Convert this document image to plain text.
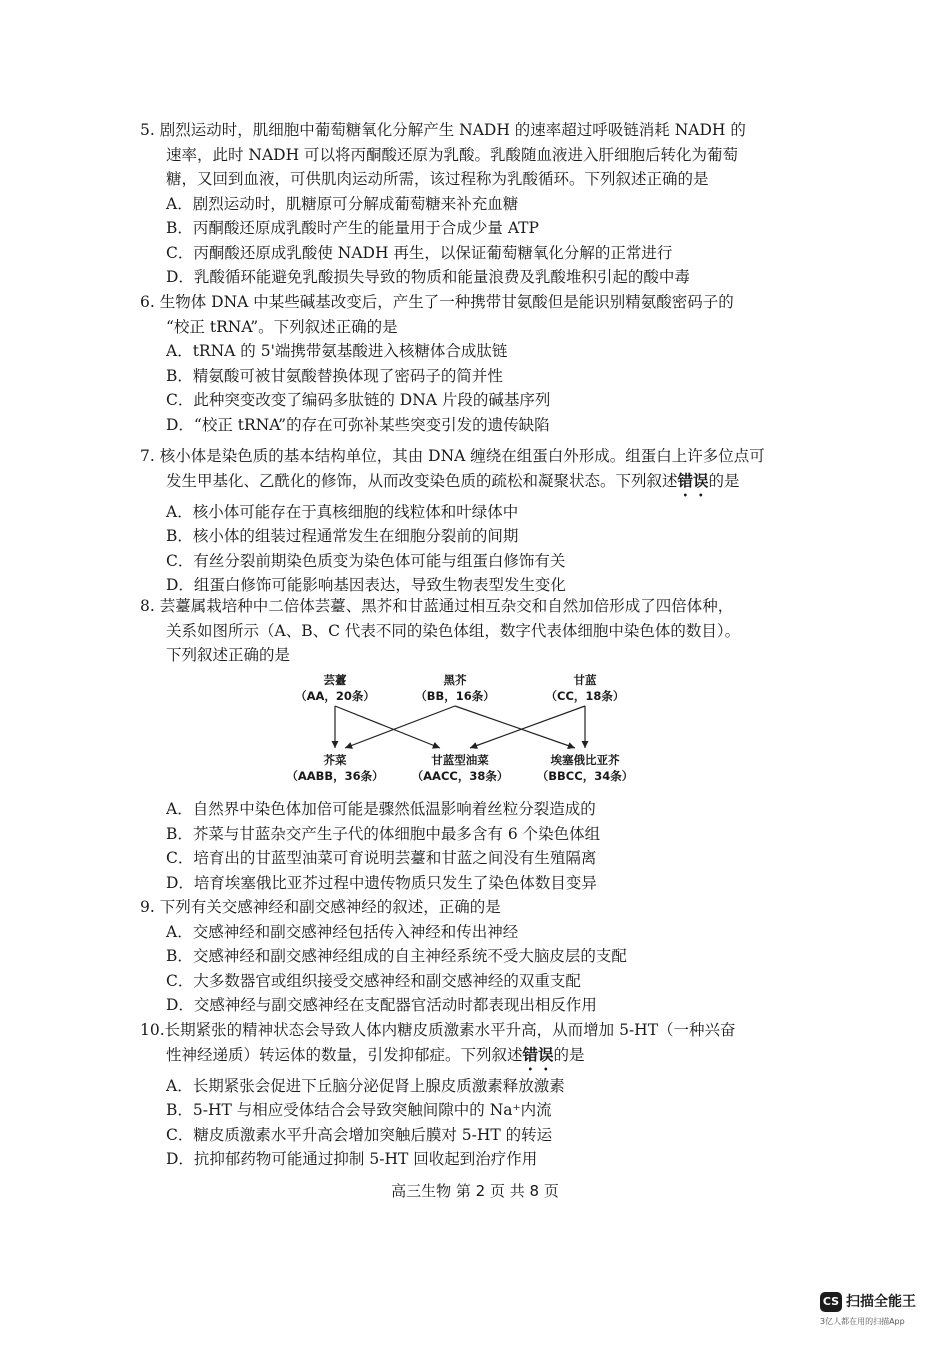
5. 剧烈运动时，肌细胞中葡萄糖氧化分解产生 NADH 的速率超过呼吸链消耗 NADH 的
速率，此时 NADH 可以将丙酮酸还原为乳酸。乳酸随血液进入肝细胞后转化为葡萄
糖，又回到血液，可供肌肉运动所需，该过程称为乳酸循环。下列叙述正确的是
A．剧烈运动时，肌糖原可分解成葡萄糖来补充血糖
B．丙酮酸还原成乳酸时产生的能量用于合成少量 ATP
C．丙酮酸还原成乳酸使 NADH 再生，以保证葡萄糖氧化分解的正常进行
D．乳酸循环能避免乳酸损失导致的物质和能量浪费及乳酸堆积引起的酸中毒
6. 生物体 DNA 中某些碱基改变后，产生了一种携带甘氨酸但是能识别精氨酸密码子的
“校正 tRNA”。下列叙述正确的是
A．tRNA 的 5'端携带氨基酸进入核糖体合成肽链
B．精氨酸可被甘氨酸替换体现了密码子的简并性
C．此种突变改变了编码多肽链的 DNA 片段的碱基序列
D．“校正 tRNA”的存在可弥补某些突变引发的遗传缺陷
7. 核小体是染色质的基本结构单位，其由 DNA 缠绕在组蛋白外形成。组蛋白上许多位点可
发生甲基化、乙酰化的修饰，从而改变染色质的疏松和凝聚状态。下列叙述错误的是
A．核小体可能存在于真核细胞的线粒体和叶绿体中
B．核小体的组装过程通常发生在细胞分裂前的间期
C．有丝分裂前期染色质变为染色体可能与组蛋白修饰有关
D．组蛋白修饰可能影响基因表达，导致生物表型发生变化
8. 芸薹属栽培种中二倍体芸薹、黑芥和甘蓝通过相互杂交和自然加倍形成了四倍体种，
关系如图所示（A、B、C 代表不同的染色体组，数字代表体细胞中染色体的数目）。
下列叙述正确的是
芸薹
（AA，20条）
黑芥
（BB，16条）
甘蓝
（CC，18条）
芥菜
（AABB，36条）
甘蓝型油菜
（AACC，38条）
埃塞俄比亚芥
（BBCC，34条）
A．自然界中染色体加倍可能是骤然低温影响着丝粒分裂造成的
B．芥菜与甘蓝杂交产生子代的体细胞中最多含有 6 个染色体组
C．培育出的甘蓝型油菜可育说明芸薹和甘蓝之间没有生殖隔离
D．培育埃塞俄比亚芥过程中遗传物质只发生了染色体数目变异
9. 下列有关交感神经和副交感神经的叙述，正确的是
A．交感神经和副交感神经包括传入神经和传出神经
B．交感神经和副交感神经组成的自主神经系统不受大脑皮层的支配
C．大多数器官或组织接受交感神经和副交感神经的双重支配
D．交感神经与副交感神经在支配器官活动时都表现出相反作用
10.长期紧张的精神状态会导致人体内糖皮质激素水平升高，从而增加 5-HT（一种兴奋
性神经递质）转运体的数量，引发抑郁症。下列叙述错误的是
A．长期紧张会促进下丘脑分泌促肾上腺皮质激素释放激素
B．5-HT 与相应受体结合会导致突触间隙中的 Na⁺内流
C．糖皮质激素水平升高会增加突触后膜对 5-HT 的转运
D．抗抑郁药物可能通过抑制 5-HT 回收起到治疗作用
高三生物 第 2 页 共 8 页
CS 扫描全能王
3亿人都在用的扫描App
